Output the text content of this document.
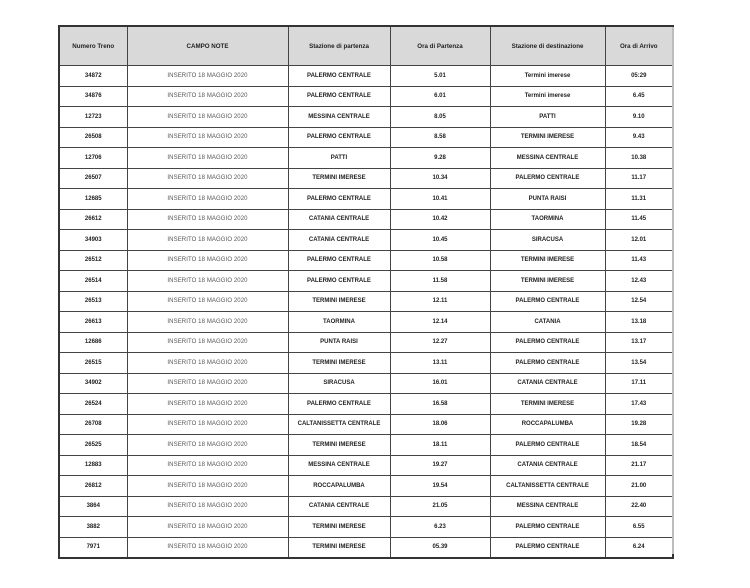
Numero Treno	CAMPO NOTE	Stazione di partenza	Ora di Partenza	Stazione di destinazione	Ora di Arrivo
34872	INSERITO 18 MAGGIO 2020	PALERMO CENTRALE	5.01	Termini imerese	05:29
34876	INSERITO 18 MAGGIO 2020	PALERMO CENTRALE	6.01	Termini imerese	6.45
12723	INSERITO 18 MAGGIO 2020	MESSINA CENTRALE	8.05	PATTI	9.10
26508	INSERITO 18 MAGGIO 2020	PALERMO CENTRALE	8.58	TERMINI IMERESE	9.43
12706	INSERITO 18 MAGGIO 2020	PATTI	9.28	MESSINA CENTRALE	10.38
26507	INSERITO 18 MAGGIO 2020	TERMINI IMERESE	10.34	PALERMO CENTRALE	11.17
12685	INSERITO 18 MAGGIO 2020	PALERMO CENTRALE	10.41	PUNTA RAISI	11.31
26612	INSERITO 18 MAGGIO 2020	CATANIA CENTRALE	10.42	TAORMINA	11.45
34903	INSERITO 18 MAGGIO 2020	CATANIA CENTRALE	10.45	SIRACUSA	12.01
26512	INSERITO 18 MAGGIO 2020	PALERMO CENTRALE	10.58	TERMINI IMERESE	11.43
26514	INSERITO 18 MAGGIO 2020	PALERMO CENTRALE	11.58	TERMINI IMERESE	12.43
26513	INSERITO 18 MAGGIO 2020	TERMINI IMERESE	12.11	PALERMO CENTRALE	12.54
26613	INSERITO 18 MAGGIO 2020	TAORMINA	12.14	CATANIA	13.18
12686	INSERITO 18 MAGGIO 2020	PUNTA RAISI	12.27	PALERMO CENTRALE	13.17
26515	INSERITO 18 MAGGIO 2020	TERMINI IMERESE	13.11	PALERMO CENTRALE	13.54
34902	INSERITO 18 MAGGIO 2020	SIRACUSA	16.01	CATANIA CENTRALE	17.11
26524	INSERITO 18 MAGGIO 2020	PALERMO CENTRALE	16.58	TERMINI IMERESE	17.43
26708	INSERITO 18 MAGGIO 2020	CALTANISSETTA CENTRALE	18.06	ROCCAPALUMBA	19.28
26525	INSERITO 18 MAGGIO 2020	TERMINI IMERESE	18.11	PALERMO CENTRALE	18.54
12883	INSERITO 18 MAGGIO 2020	MESSINA CENTRALE	19.27	CATANIA CENTRALE	21.17
26812	INSERITO 18 MAGGIO 2020	ROCCAPALUMBA	19.54	CALTANISSETTA CENTRALE	21.00
3864	INSERITO 18 MAGGIO 2020	CATANIA CENTRALE	21.05	MESSINA CENTRALE	22.40
3882	INSERITO 18 MAGGIO 2020	TERMINI IMERESE	6.23	PALERMO CENTRALE	6.55
7971	INSERITO 18 MAGGIO 2020	TERMINI IMERESE	05.39	PALERMO CENTRALE	6.24
